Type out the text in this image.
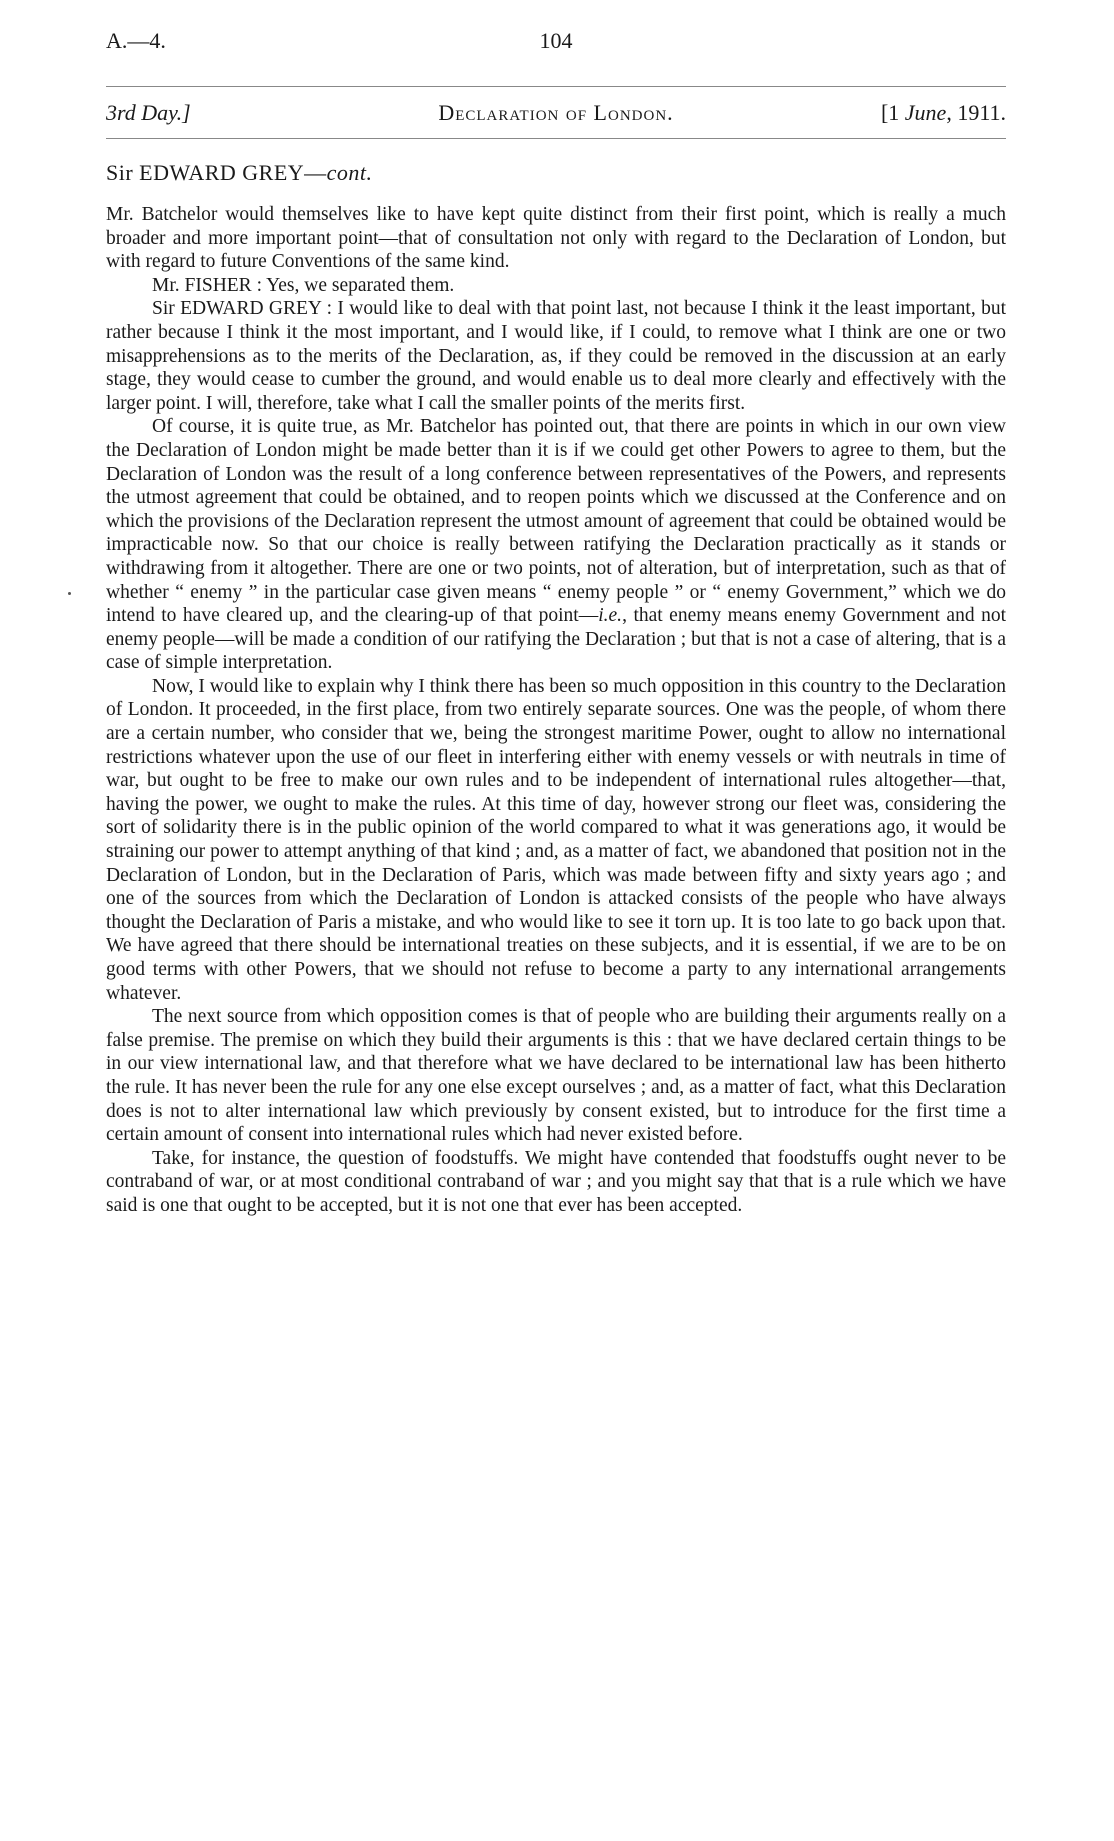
A.—4.	104
3rd Day.]	Declaration of London.	[1 June, 1911.
Sir EDWARD GREY—cont.

Mr. Batchelor would themselves like to have kept quite distinct from their first point, which is really a much broader and more important point—that of consultation not only with regard to the Declaration of London, but with regard to future Conventions of the same kind.

Mr. FISHER : Yes, we separated them.

Sir EDWARD GREY : I would like to deal with that point last, not because I think it the least important, but rather because I think it the most important, and I would like, if I could, to remove what I think are one or two misapprehensions as to the merits of the Declaration, as, if they could be removed in the discussion at an early stage, they would cease to cumber the ground, and would enable us to deal more clearly and effectively with the larger point. I will, therefore, take what I call the smaller points of the merits first.

Of course, it is quite true, as Mr. Batchelor has pointed out, that there are points in which in our own view the Declaration of London might be made better than it is if we could get other Powers to agree to them, but the Declaration of London was the result of a long conference between representatives of the Powers, and represents the utmost agreement that could be obtained, and to reopen points which we discussed at the Conference and on which the provisions of the Declaration represent the utmost amount of agreement that could be obtained would be impracticable now. So that our choice is really between ratifying the Declaration practically as it stands or withdrawing from it altogether. There are one or two points, not of alteration, but of interpretation, such as that of whether “ enemy ” in the particular case given means “ enemy people ” or “ enemy Government,” which we do intend to have cleared up, and the clearing-up of that point—i.e., that enemy means enemy Government and not enemy people—will be made a condition of our ratifying the Declaration ; but that is not a case of altering, that is a case of simple interpretation.

Now, I would like to explain why I think there has been so much opposition in this country to the Declaration of London. It proceeded, in the first place, from two entirely separate sources. One was the people, of whom there are a certain number, who consider that we, being the strongest maritime Power, ought to allow no international restrictions whatever upon the use of our fleet in interfering either with enemy vessels or with neutrals in time of war, but ought to be free to make our own rules and to be independent of international rules altogether—that, having the power, we ought to make the rules. At this time of day, however strong our fleet was, considering the sort of solidarity there is in the public opinion of the world compared to what it was generations ago, it would be straining our power to attempt anything of that kind ; and, as a matter of fact, we abandoned that position not in the Declaration of London, but in the Declaration of Paris, which was made between fifty and sixty years ago ; and one of the sources from which the Declaration of London is attacked consists of the people who have always thought the Declaration of Paris a mistake, and who would like to see it torn up. It is too late to go back upon that. We have agreed that there should be international treaties on these subjects, and it is essential, if we are to be on good terms with other Powers, that we should not refuse to become a party to any international arrangements whatever.

The next source from which opposition comes is that of people who are building their arguments really on a false premise. The premise on which they build their arguments is this : that we have declared certain things to be in our view international law, and that therefore what we have declared to be international law has been hitherto the rule. It has never been the rule for any one else except ourselves ; and, as a matter of fact, what this Declaration does is not to alter international law which previously by consent existed, but to introduce for the first time a certain amount of consent into international rules which had never existed before.

Take, for instance, the question of foodstuffs. We might have contended that foodstuffs ought never to be contraband of war, or at most conditional contraband of war ; and you might say that that is a rule which we have said is one that ought to be accepted, but it is not one that ever has been accepted.
